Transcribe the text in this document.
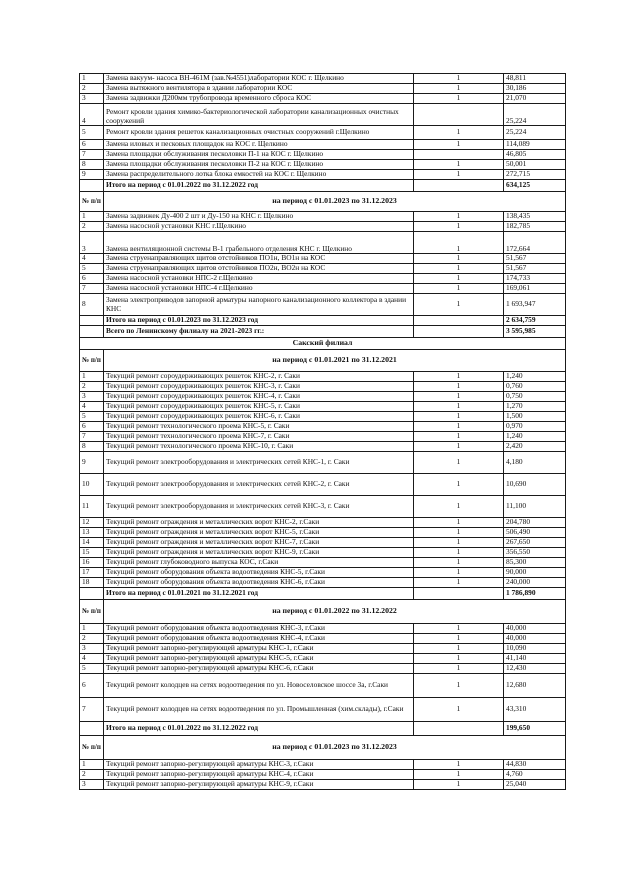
1	Замена вакуум- насоса ВН-461М (зав.№4551)лаборатории КОС г. Щелкино	1	48,811
2	Замена вытяжного вентилятора в здании лаборатории КОС	1	30,186
3	Замена задвижки Д200мм трубопровода временного сброса КОС	1	21,070
4	Ремонт кровли здания химико-бактериологической лаборатории канализационных очистных сооружений		25,224
5	Ремонт кровли здания решеток канализационных очистных сооружений г.Щелкино	1	25,224
6	Замена иловых и песковых площадок на КОС г. Щелкино	1	114,089
7	Замена площадки обслуживания песколовки П-1 на КОС г. Щелкино		46,805
8	Замена площадки обслуживания песколовки П-2 на КОС г. Щелкино	1	50,001
9	Замена распределительного лотка блока емкостей на КОС г. Щелкино	1	272,715
	Итого на период с 01.01.2022 по 31.12.2022 год		634,125
№ п/п	на период с 01.01.2023 по 31.12.2023		
1	Замена задвижек Ду-400 2 шт и Ду-150 на КНС г. Щелкино	1	138,435
2	Замена насосной установки КНС г.Щелкино	1	182,785
3	Замена вентиляционной системы В-1 грабельного отделения КНС г. Щелкино	1	172,664
4	Замена струенаправляющих щитов отстойников ПО1н, ВО1н на КОС	1	51,567
5	Замена струенаправляющих щитов отстойников ПО2н, ВО2н на КОС	1	51,567
6	Замена насосной установки НПС-2 г.Щелкино	1	174,733
7	Замена насосной установки НПС-4 г.Щелкино	1	169,061
8	Замена электроприводов запорной арматуры напорного канализационного коллектора в здании КНС	1	1 693,947
	Итого на период с 01.01.2023 по 31.12.2023 год		2 634,759
	Всего по Ленинскому филиалу на 2021-2023 гг.:		3 595,985
Сакский филиал			
№ п/п	на период с 01.01.2021 по 31.12.2021		
1	Текущий ремонт сороудерживающих решеток КНС-2, г. Саки	1	1,240
2	Текущий ремонт сороудерживающих решеток КНС-3, г. Саки	1	0,760
3	Текущий ремонт сороудерживающих решеток КНС-4, г. Саки	1	0,750
4	Текущий ремонт сороудерживающих решеток КНС-5, г. Саки	1	1,270
5	Текущий ремонт сороудерживающих решеток КНС-6, г. Саки	1	1,500
6	Текущий ремонт технологического проема КНС-5, г. Саки	1	0,970
7	Текущий ремонт технологического проема КНС-7, г. Саки	1	1,240
8	Текущий ремонт технологического проема КНС-10, г. Саки	1	2,420
9	Текущий ремонт электрооборудования и электрических сетей КНС-1, г. Саки	1	4,180
10	Текущий ремонт электрооборудования и электрических сетей КНС-2, г. Саки	1	10,690
11	Текущий ремонт электрооборудования и электрических сетей КНС-3, г. Саки	1	11,100
12	Текущий ремонт ограждения и металлических ворот КНС-2, г.Саки	1	204,780
13	Текущий ремонт ограждения и металлических ворот КНС-5, г.Саки	1	506,490
14	Текущий ремонт ограждения и металлических ворот КНС-7, г.Саки	1	267,650
15	Текущий ремонт ограждения и металлических ворот КНС-9, г.Саки	1	356,550
16	Текущий ремонт глубоководного выпуска КОС, г.Саки	1	85,300
17	Текущий ремонт оборудования объекта водоотведения КНС-5, г.Саки	1	90,000
18	Текущий ремонт оборудования объекта водоотведения КНС-6, г.Саки	1	240,000
	Итого на период с 01.01.2021 по 31.12.2021 год		1 786,890
№ п/п	на период с 01.01.2022 по 31.12.2022		
1	Текущий ремонт оборудования объекта водоотведения КНС-3, г.Саки	1	40,000
2	Текущий ремонт оборудования объекта водоотведения КНС-4, г.Саки	1	40,000
3	Текущий ремонт запорно-регулирующей арматуры КНС-1, г.Саки	1	10,090
4	Текущий ремонт запорно-регулирующей арматуры КНС-5, г.Саки	1	41,140
5	Текущий ремонт запорно-регулирующей арматуры КНС-6, г.Саки	1	12,430
6	Текущий ремонт колодцев на сетях водоотведения по ул. Новоселовское шоссе 3а, г.Саки	1	12,680
7	Текущий ремонт колодцев на сетях водоотведения по ул. Промышленная (хим.склады), г.Саки	1	43,310
	Итого на период с 01.01.2022 по 31.12.2022 год		199,650
№ п/п	на период с 01.01.2023 по 31.12.2023		
1	Текущий ремонт запорно-регулирующей арматуры КНС-3, г.Саки	1	44,830
2	Текущий ремонт запорно-регулирующей арматуры КНС-4, г.Саки	1	4,760
3	Текущий ремонт запорно-регулирующей арматуры КНС-9, г.Саки	1	25,040
